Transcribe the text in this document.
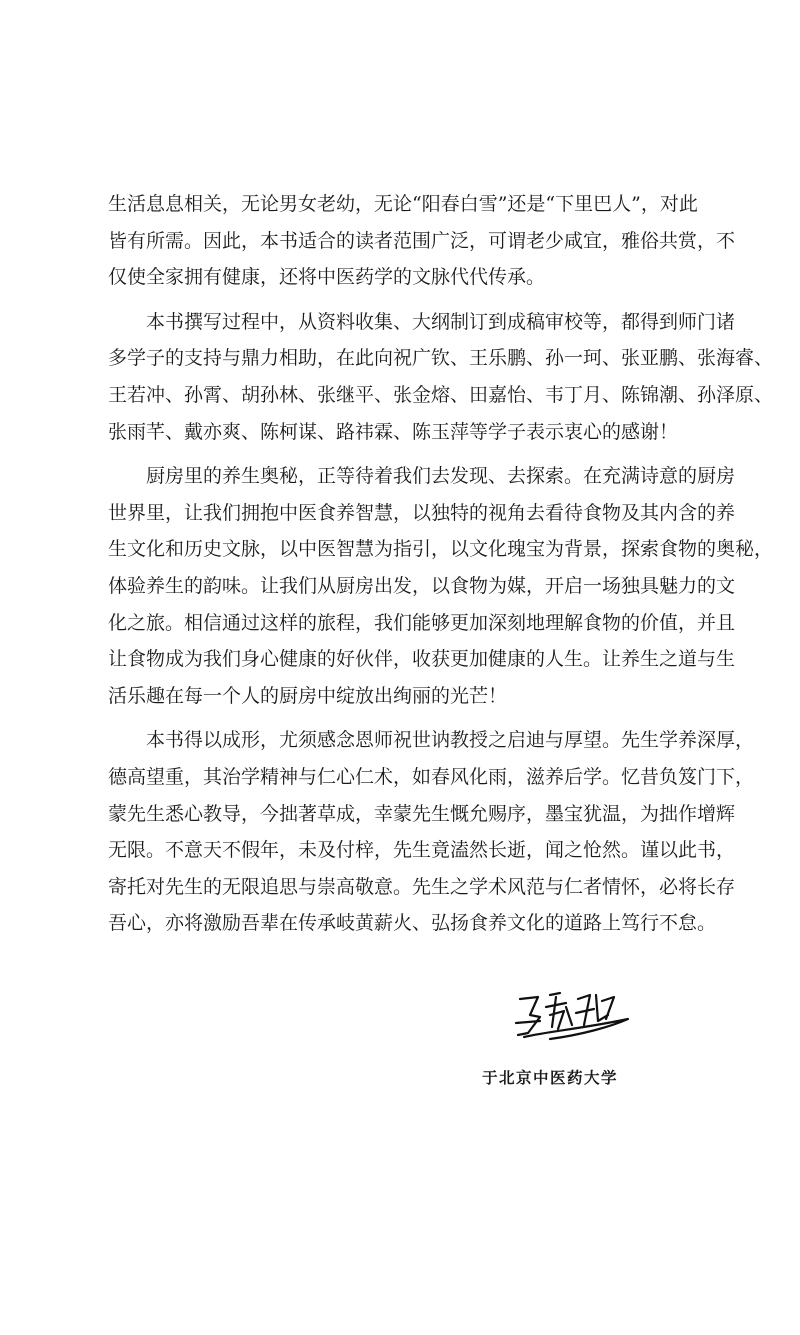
生活息息相关，无论男女老幼，无论“阳春白雪”还是“下里巴人”，对此
皆有所需。因此，本书适合的读者范围广泛，可谓老少咸宜，雅俗共赏，不
仅使全家拥有健康，还将中医药学的文脉代代传承。
本书撰写过程中，从资料收集、大纲制订到成稿审校等，都得到师门诸
多学子的支持与鼎力相助，在此向祝广钦、王乐鹏、孙一珂、张亚鹏、张海睿、
王若冲、孙霄、胡孙林、张继平、张金熔、田嘉怡、韦丁月、陈锦潮、孙泽原、
张雨芊、戴亦爽、陈柯谋、路祎霖、陈玉萍等学子表示衷心的感谢！
厨房里的养生奥秘，正等待着我们去发现、去探索。在充满诗意的厨房
世界里，让我们拥抱中医食养智慧，以独特的视角去看待食物及其内含的养
生文化和历史文脉，以中医智慧为指引，以文化瑰宝为背景，探索食物的奥秘，
体验养生的韵味。让我们从厨房出发，以食物为媒，开启一场独具魅力的文
化之旅。相信通过这样的旅程，我们能够更加深刻地理解食物的价值，并且
让食物成为我们身心健康的好伙伴，收获更加健康的人生。让养生之道与生
活乐趣在每一个人的厨房中绽放出绚丽的光芒！
本书得以成形，尤须感念恩师祝世讷教授之启迪与厚望。先生学养深厚，
德高望重，其治学精神与仁心仁术，如春风化雨，滋养后学。忆昔负笈门下，
蒙先生悉心教导，今拙著草成，幸蒙先生慨允赐序，墨宝犹温，为拙作增辉
无限。不意天不假年，未及付梓，先生竟溘然长逝，闻之怆然。谨以此书，
寄托对先生的无限追思与崇高敬意。先生之学术风范与仁者情怀，必将长存
吾心，亦将激励吾辈在传承岐黄薪火、弘扬食养文化的道路上笃行不怠。
于北京中医药大学
